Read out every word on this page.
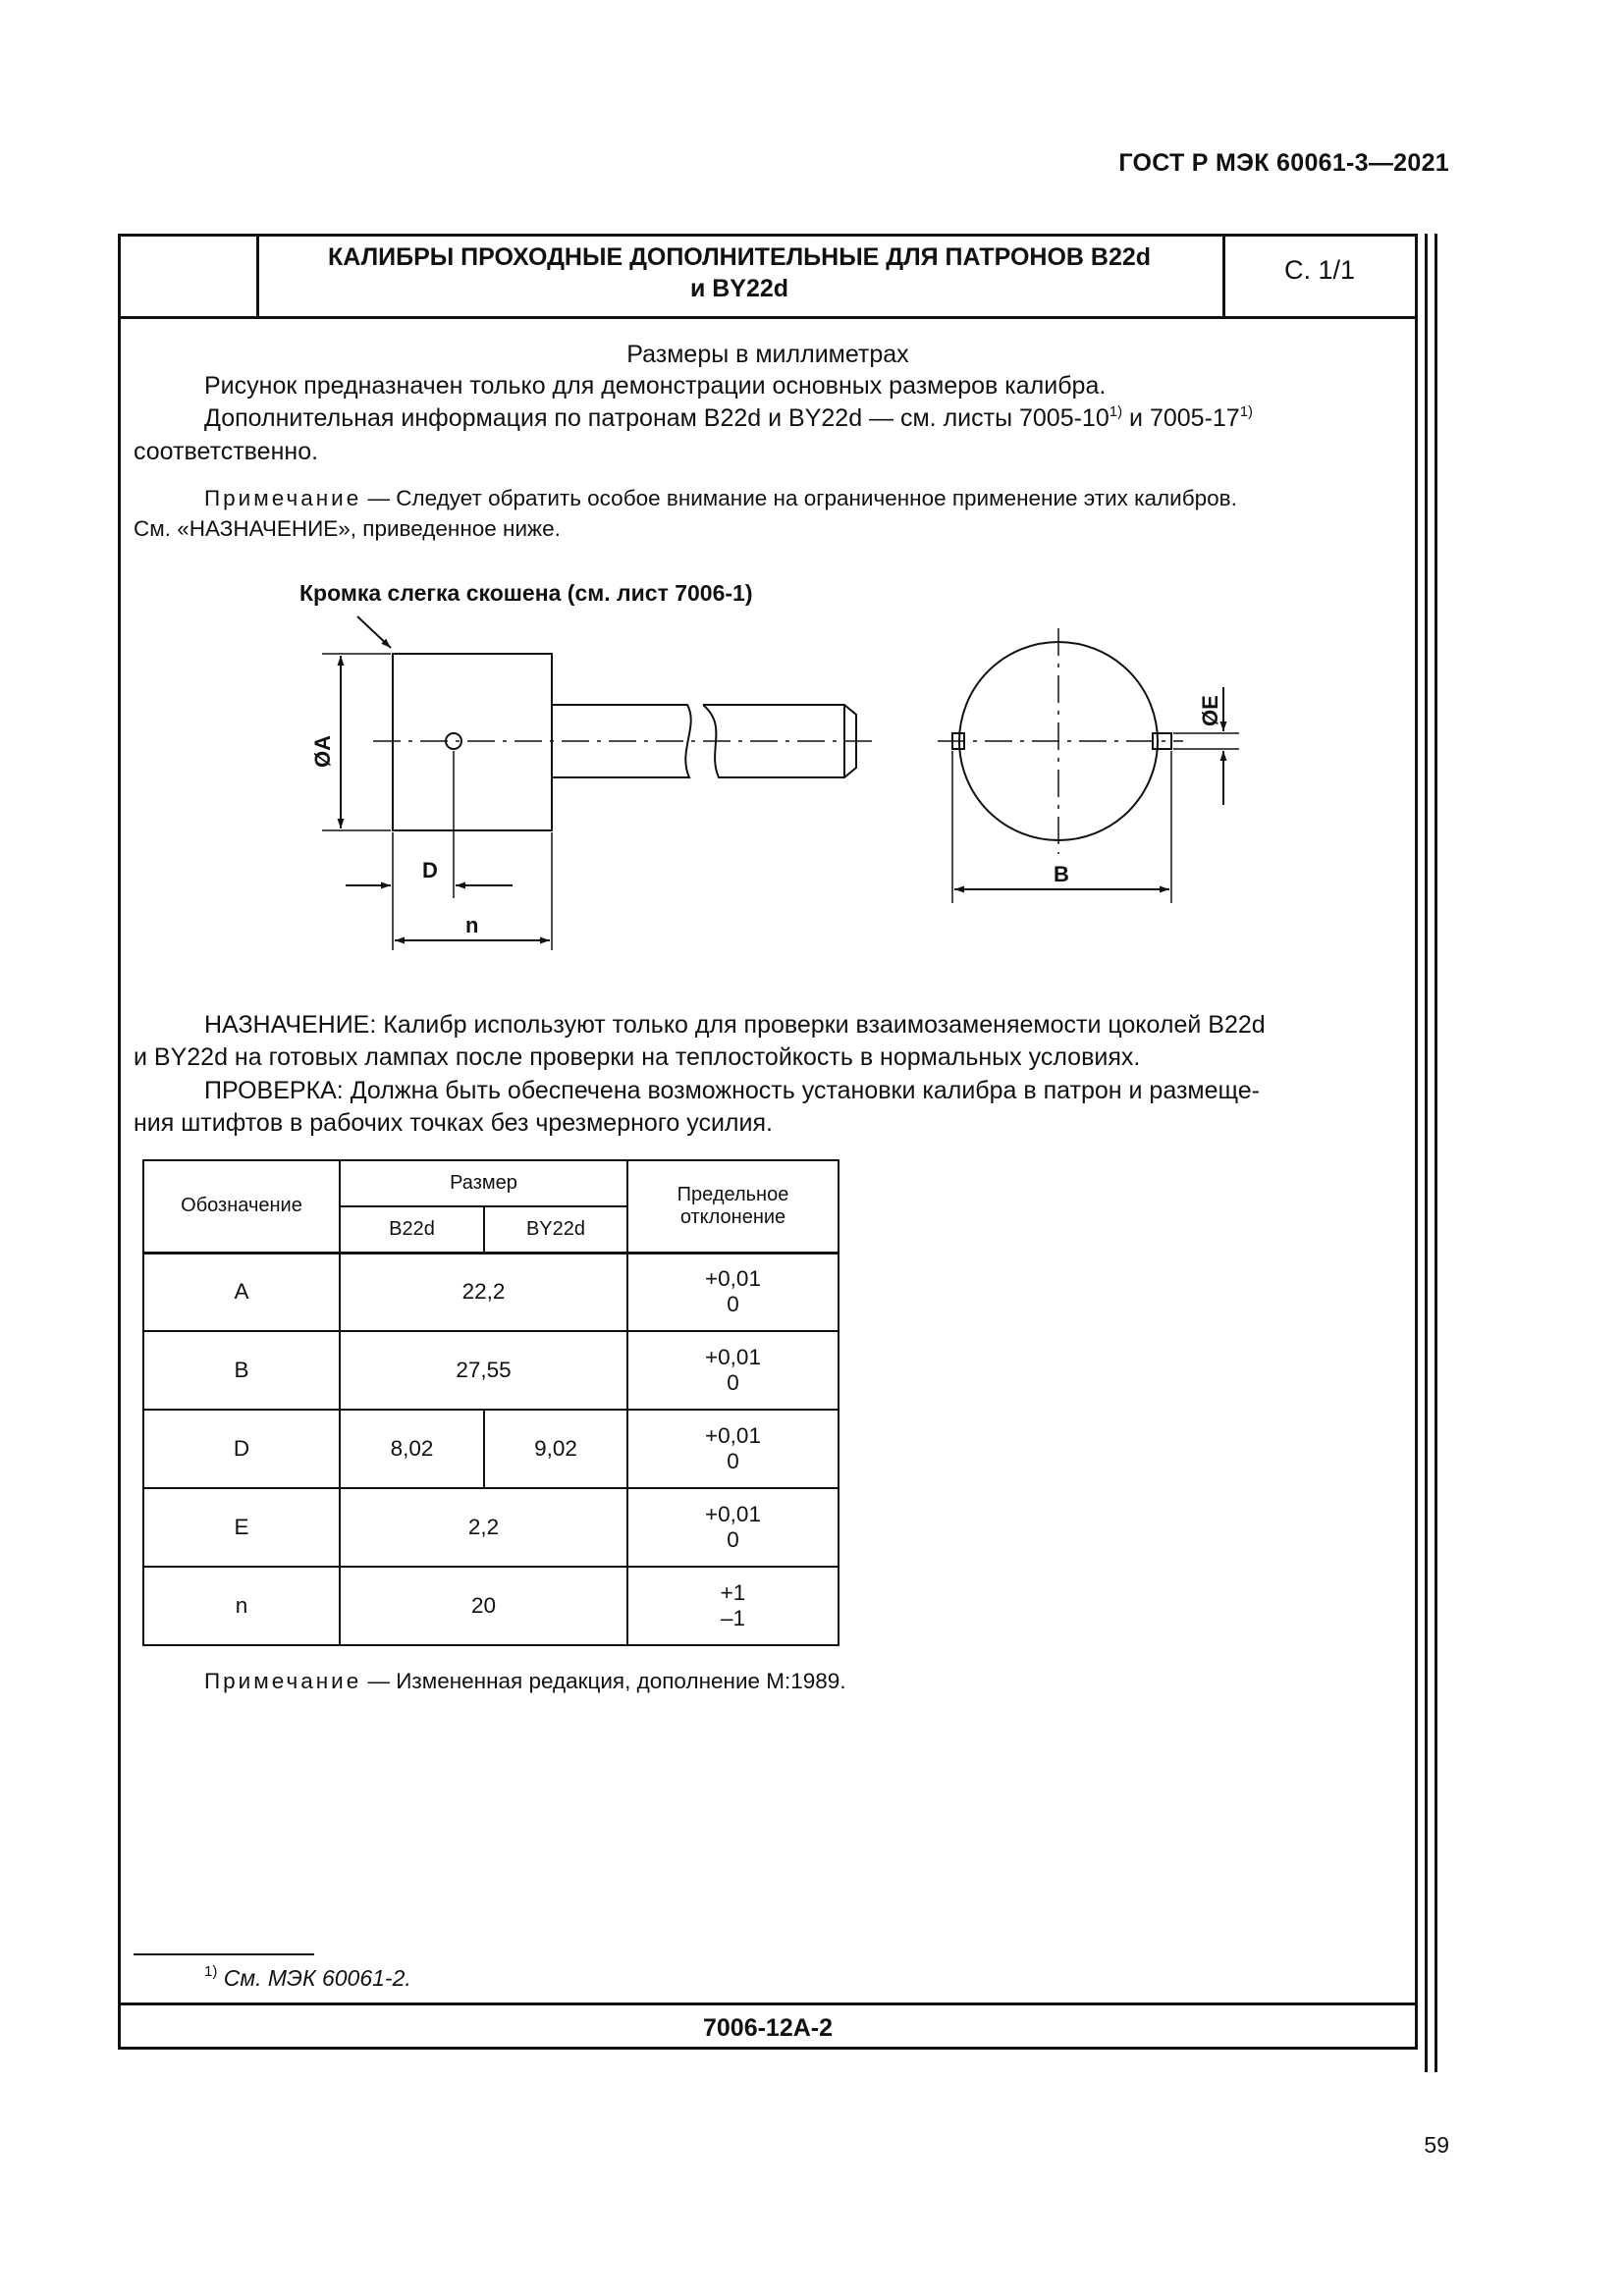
ГОСТ Р МЭК 60061-3—2021
КАЛИБРЫ ПРОХОДНЫЕ ДОПОЛНИТЕЛЬНЫЕ ДЛЯ ПАТРОНОВ B22d
и BY22d
С. 1/1
Размеры в миллиметрах
Рисунок предназначен только для демонстрации основных размеров калибра.
Дополнительная информация по патронам B22d и BY22d — см. листы 7005-10$^{1)}$ и 7005-17$^{1)}$
соответственно.
Примечание — Следует обратить особое внимание на ограниченное применение этих калибров.
См. «НАЗНАЧЕНИЕ», приведенное ниже.
Кромка слегка скошена (см. лист 7006-1)
ØA
D
n
ØE
B
НАЗНАЧЕНИЕ: Калибр используют только для проверки взаимозаменяемости цоколей B22d
и BY22d на готовых лампах после проверки на теплостойкость в нормальных условиях.
ПРОВЕРКА: Должна быть обеспечена возможность установки калибра в патрон и размеще-
ния штифтов в рабочих точках без чрезмерного усилия.
Обозначение	Размер		Предельное
отклонение

	B22d	BY22d	
A	22,2		+0,01
0

B	27,55		+0,01
0

D	8,02	9,02	+0,01
0

E	2,2		+0,01
0

n	20		+1
–1
Примечание — Измененная редакция, дополнение М:1989.
$^{1)}$ См. МЭК 60061-2.
7006-12A-2
59
